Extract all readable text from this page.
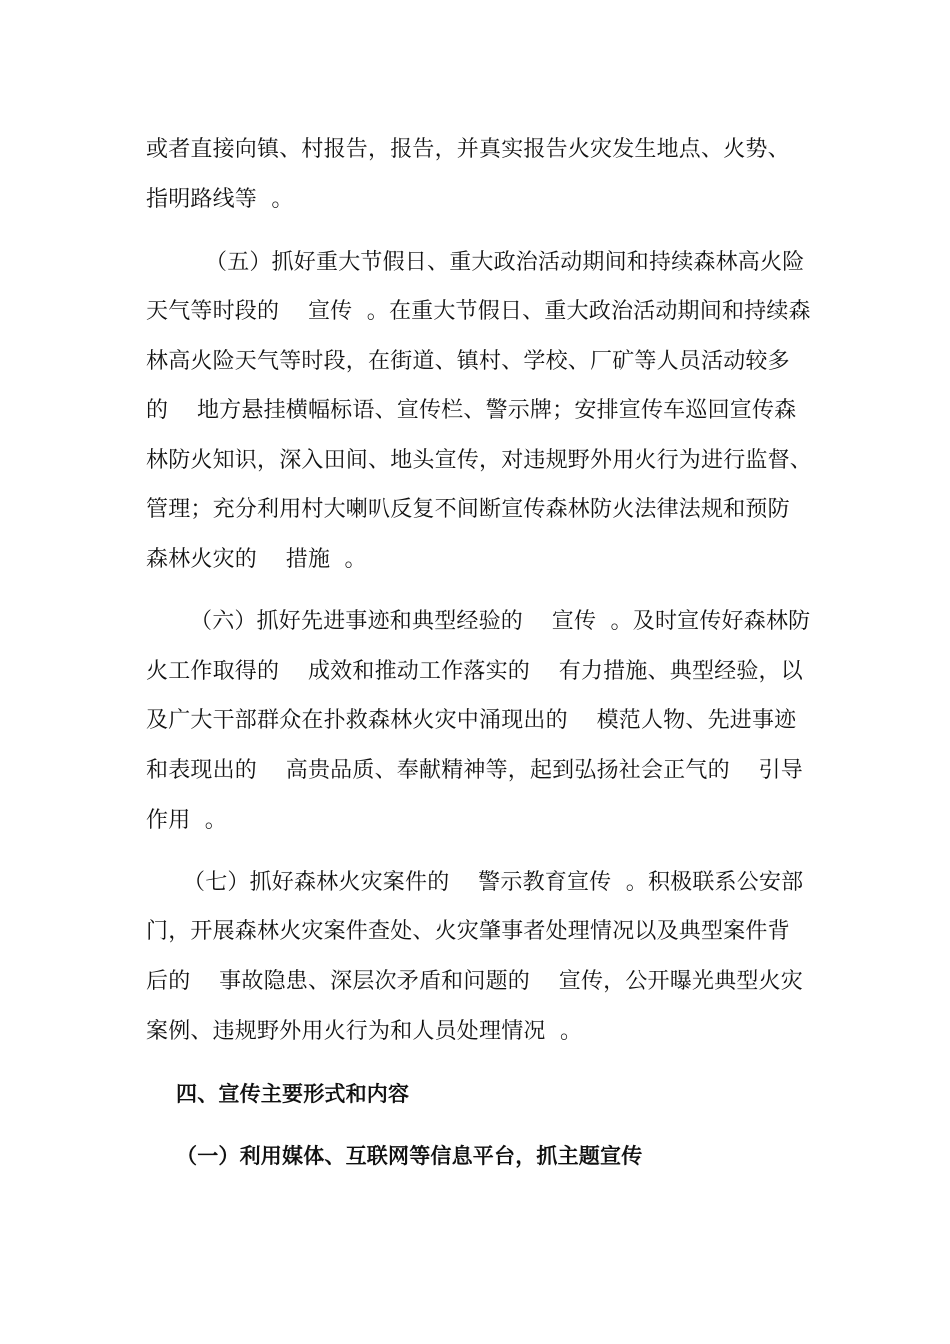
或者直接向镇、村报告，报告，并真实报告火灾发生地点、火势、
指明路线等  。
（五）抓好重大节假日、重大政治活动期间和持续森林高火险
天气等时段的    宣传  。在重大节假日、重大政治活动期间和持续森
林高火险天气等时段，在街道、镇村、学校、厂矿等人员活动较多
的    地方悬挂横幅标语、宣传栏、警示牌；安排宣传车巡回宣传森
林防火知识，深入田间、地头宣传，对违规野外用火行为进行监督、
管理；充分利用村大喇叭反复不间断宣传森林防火法律法规和预防
森林火灾的    措施  。
（六）抓好先进事迹和典型经验的    宣传  。及时宣传好森林防
火工作取得的    成效和推动工作落实的    有力措施、典型经验，以
及广大干部群众在扑救森林火灾中涌现出的    模范人物、先进事迹
和表现出的    高贵品质、奉献精神等，起到弘扬社会正气的    引导
作用  。
（七）抓好森林火灾案件的    警示教育宣传  。积极联系公安部
门，开展森林火灾案件查处、火灾肇事者处理情况以及典型案件背
后的    事故隐患、深层次矛盾和问题的    宣传，公开曝光典型火灾
案例、违规野外用火行为和人员处理情况  。
四、宣传主要形式和内容
（一）利用媒体、互联网等信息平台，抓主题宣传
